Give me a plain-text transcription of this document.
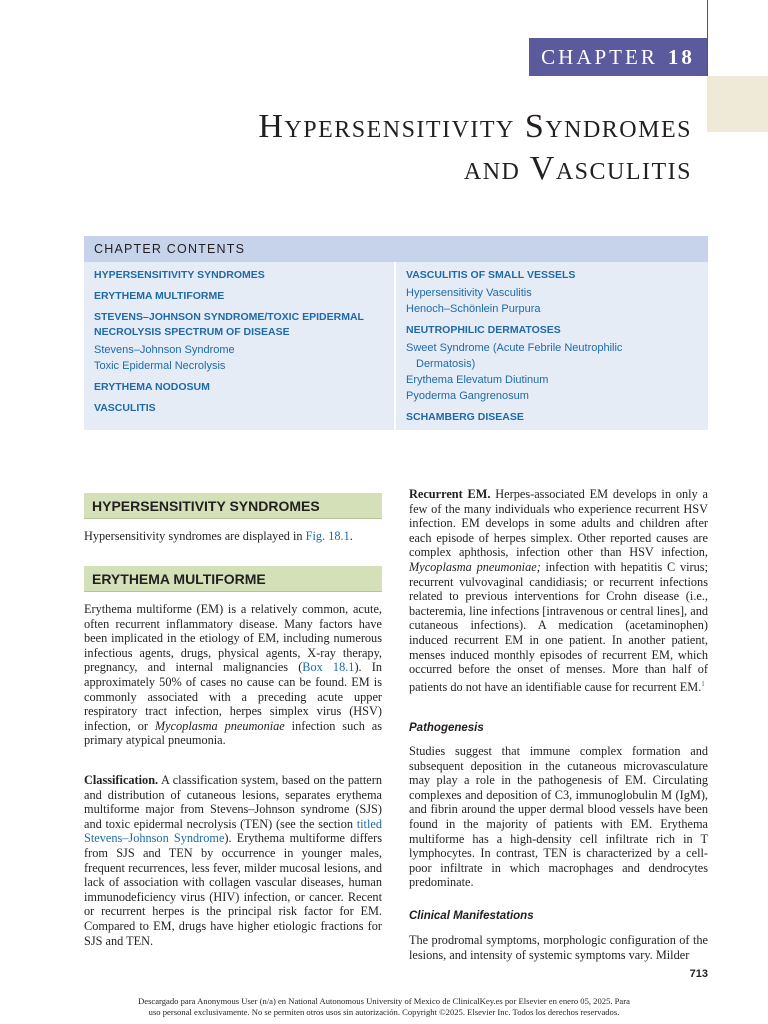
CHAPTER 18
Hypersensitivity Syndromes
and Vasculitis
CHAPTER CONTENTS
HYPERSENSITIVITY SYNDROMES
ERYTHEMA MULTIFORME
STEVENS–JOHNSON SYNDROME/TOXIC EPIDERMAL NECROLYSIS SPECTRUM OF DISEASE
Stevens–Johnson Syndrome
Toxic Epidermal Necrolysis
ERYTHEMA NODOSUM
VASCULITIS
VASCULITIS OF SMALL VESSELS
Hypersensitivity Vasculitis
Henoch–Schönlein Purpura
NEUTROPHILIC DERMATOSES
Sweet Syndrome (Acute Febrile Neutrophilic
Dermatosis)
Erythema Elevatum Diutinum
Pyoderma Gangrenosum
SCHAMBERG DISEASE
HYPERSENSITIVITY SYNDROMES

Hypersensitivity syndromes are displayed in Fig. 18.1.

ERYTHEMA MULTIFORME

Erythema multiforme (EM) is a relatively common, acute, often recurrent inflammatory disease. Many factors have been implicated in the etiology of EM, including numerous infectious agents, drugs, physical agents, X-ray therapy, pregnancy, and internal malignancies (Box 18.1). In approximately 50% of cases no cause can be found. EM is commonly associated with a preceding acute upper respiratory tract infection, herpes simplex virus (HSV) infection, or Mycoplasma pneumoniae infection such as primary atypical pneumonia.

Classification. A classification system, based on the pattern and distribution of cutaneous lesions, separates erythema multiforme major from Stevens–Johnson syndrome (SJS) and toxic epidermal necrolysis (TEN) (see the section titled Stevens–Johnson Syndrome). Erythema multiforme differs from SJS and TEN by occurrence in younger males, frequent recurrences, less fever, milder mucosal lesions, and lack of association with collagen vascular diseases, human immunodeficiency virus (HIV) infection, or cancer. Recent or recurrent herpes is the principal risk factor for EM. Compared to EM, drugs have higher etiologic fractions for SJS and TEN.

Recurrent EM. Herpes-associated EM develops in only a few of the many individuals who experience recurrent HSV infection. EM develops in some adults and children after each episode of herpes simplex. Other reported causes are complex aphthosis, infection other than HSV infection, Mycoplasma pneumoniae; infection with hepatitis C virus; recurrent vulvovaginal candidiasis; or recurrent infections related to previous interventions for Crohn disease (i.e., bacteremia, line infections [intravenous or central lines], and cutaneous infections). A medication (acetaminophen) induced recurrent EM in one patient. In another patient, menses induced monthly episodes of recurrent EM, which occurred before the onset of menses. More than half of patients do not have an identifiable cause for recurrent EM.$^1$

Pathogenesis

Studies suggest that immune complex formation and subsequent deposition in the cutaneous microvasculature may play a role in the pathogenesis of EM. Circulating complexes and deposition of C3, immunoglobulin M (IgM), and fibrin around the upper dermal blood vessels have been found in the majority of patients with EM. Erythema multiforme has a high-density cell infiltrate rich in T lymphocytes. In contrast, TEN is characterized by a cell-poor infiltrate in which macrophages and dendrocytes predominate.

Clinical Manifestations

The prodromal symptoms, morphologic configuration of the lesions, and intensity of systemic symptoms vary. Milder

713
Descargado para Anonymous User (n/a) en National Autonomous University of Mexico de ClinicalKey.es por Elsevier en enero 05, 2025. Para
uso personal exclusivamente. No se permiten otros usos sin autorización. Copyright ©2025. Elsevier Inc. Todos los derechos reservados.
